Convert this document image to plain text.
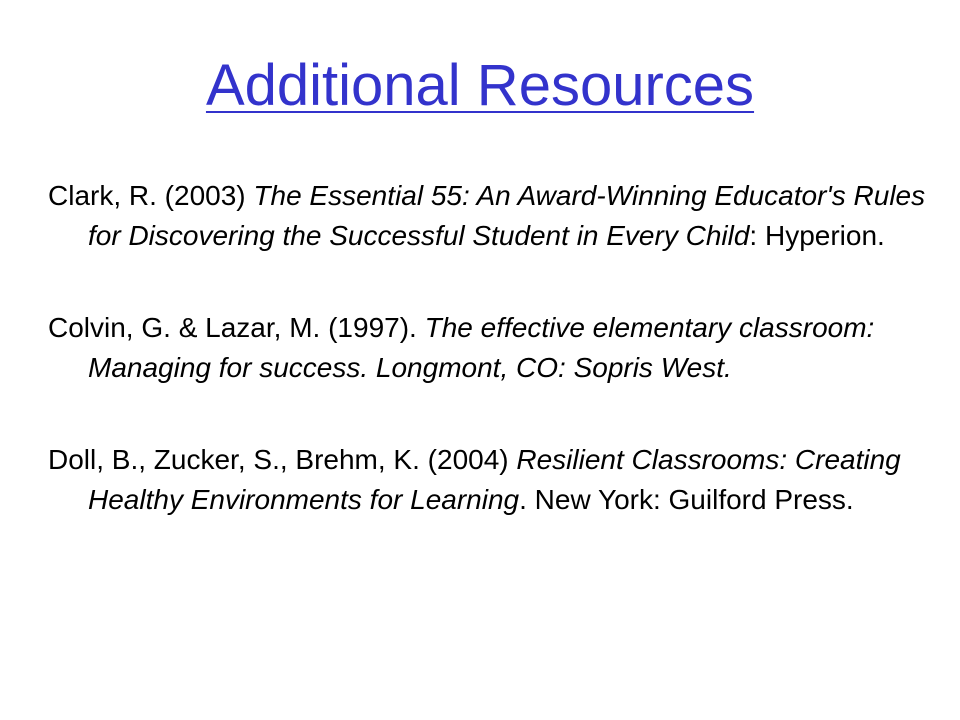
Additional Resources
Clark, R. (2003) The Essential 55: An Award-Winning Educator's Rules for Discovering the Successful Student in Every Child: Hyperion.
Colvin, G. & Lazar, M. (1997). The effective elementary classroom: Managing for success. Longmont, CO: Sopris West.
Doll, B., Zucker, S., Brehm, K. (2004) Resilient Classrooms: Creating Healthy Environments for Learning. New York: Guilford Press.
